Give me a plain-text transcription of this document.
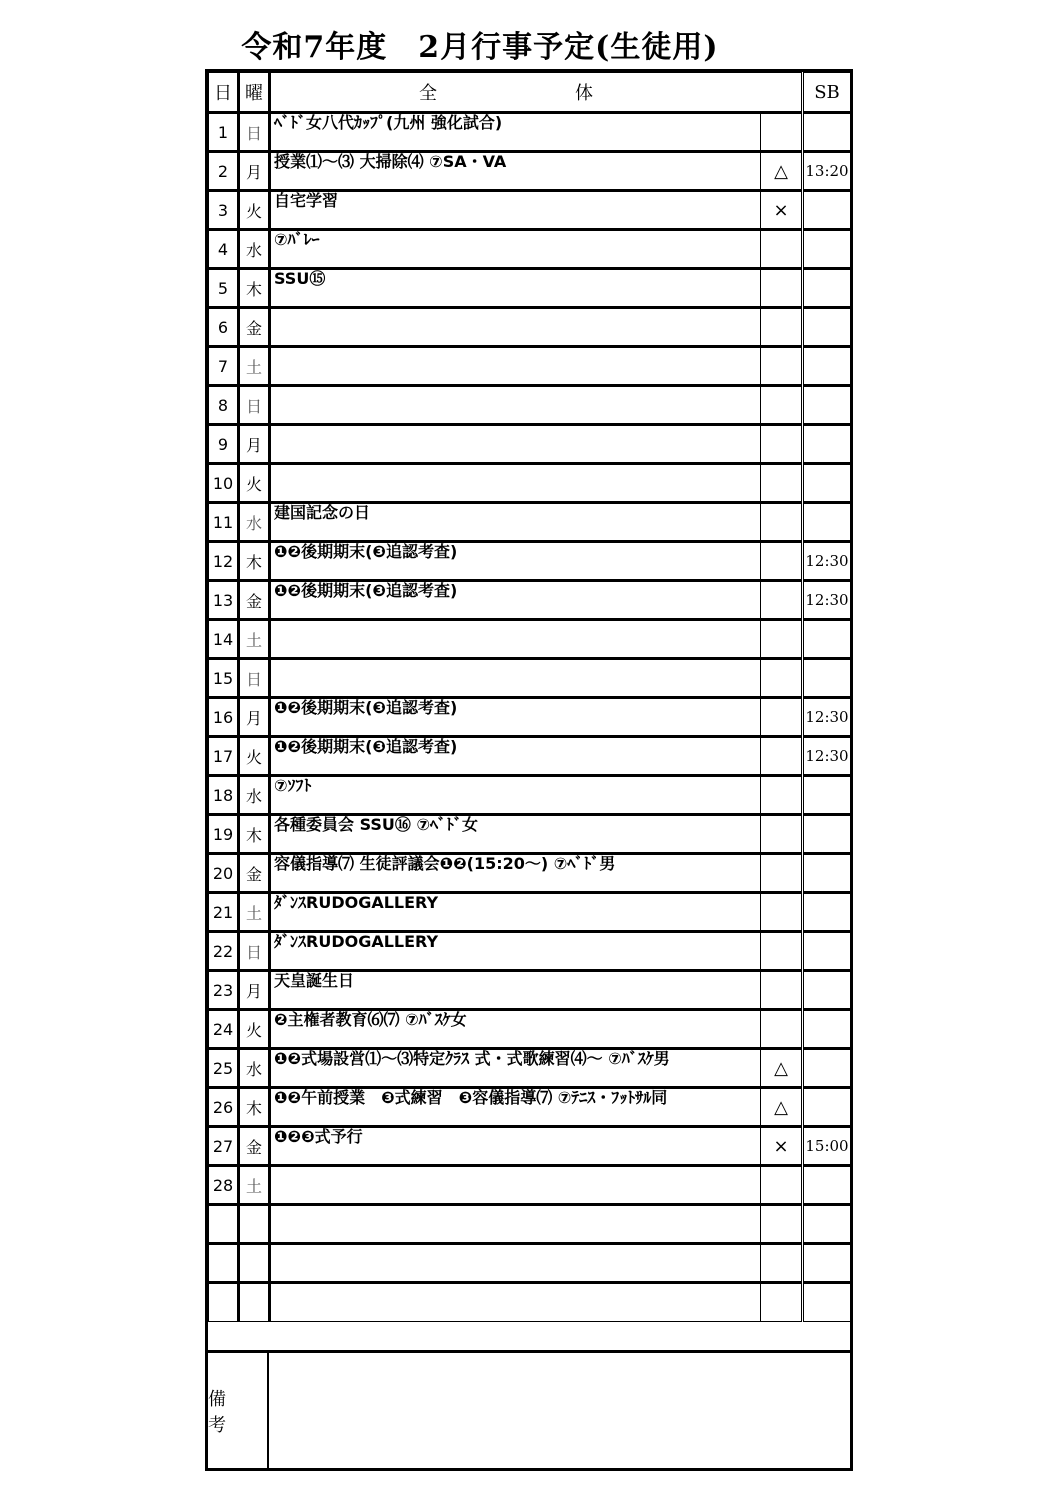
令和7年度　2月行事予定(生徒用)
日	曜	全　体		SB
1	日	ﾍﾞﾄﾞ女八代ｶｯﾌﾟ(九州 強化試合)		
2	月	授業⑴～⑶ 大掃除⑷ ⑦SA・VA	△	13:20
3	火	自宅学習	×	
4	水	⑦ﾊﾞﾚｰ		
5	木	SSU⑮		
6	金			
7	土			
8	日			
9	月			
10	火			
11	水	建国記念の日		
12	木	❶❷後期期末(❸追認考査)		12:30
13	金	❶❷後期期末(❸追認考査)		12:30
14	土			
15	日			
16	月	❶❷後期期末(❸追認考査)		12:30
17	火	❶❷後期期末(❸追認考査)		12:30
18	水	⑦ｿﾌﾄ		
19	木	各種委員会 SSU⑯ ⑦ﾍﾞﾄﾞ女		
20	金	容儀指導⑺ 生徒評議会❶❷(15:20～) ⑦ﾍﾞﾄﾞ男		
21	土	ﾀﾞﾝｽRUDOGALLERY		
22	日	ﾀﾞﾝｽRUDOGALLERY		
23	月	天皇誕生日		
24	火	❷主権者教育⑹⑺ ⑦ﾊﾞｽｹ女		
25	水	❶❷式場設営⑴～⑶特定ｸﾗｽ 式・式歌練習⑷～ ⑦ﾊﾞｽｹ男	△	
26	木	❶❷午前授業　❸式練習　❸容儀指導⑺ ⑦ﾃﾆｽ・ﾌｯﾄｻﾙ同	△	
27	金	❶❷❸式予行	×	15:00
28	土			

備考
